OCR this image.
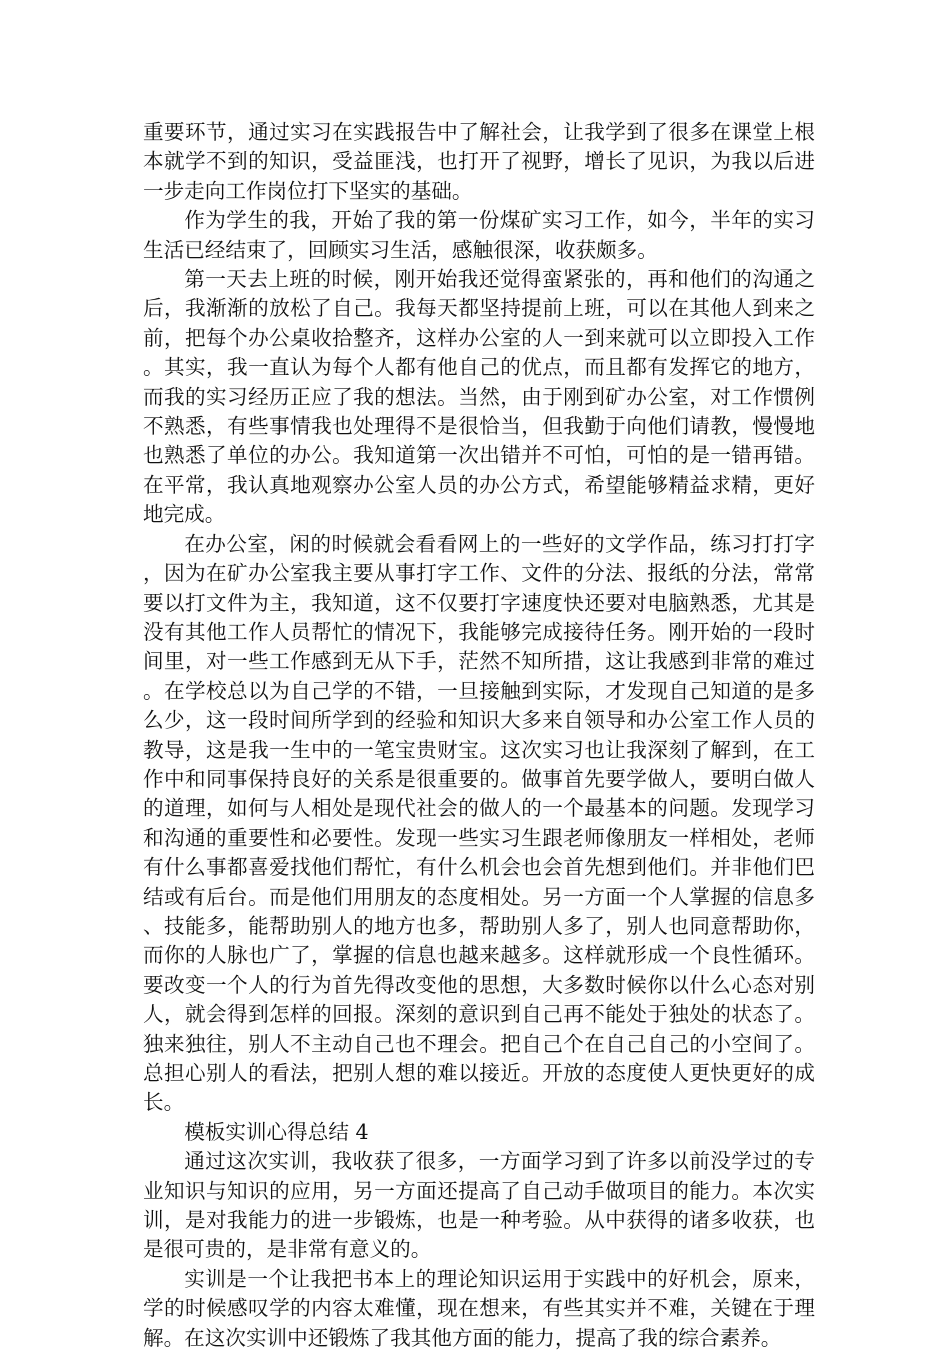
重要环节，通过实习在实践报告中了解社会，让我学到了很多在课堂上根本就学不到的知识，受益匪浅，也打开了视野，增长了见识，为我以后进一步走向工作岗位打下坚实的基础。

作为学生的我，开始了我的第一份煤矿实习工作，如今，半年的实习生活已经结束了，回顾实习生活，感触很深，收获颇多。

第一天去上班的时候，刚开始我还觉得蛮紧张的，再和他们的沟通之后，我渐渐的放松了自己。我每天都坚持提前上班，可以在其他人到来之前，把每个办公桌收拾整齐，这样办公室的人一到来就可以立即投入工作。其实，我一直认为每个人都有他自己的优点，而且都有发挥它的地方，而我的实习经历正应了我的想法。当然，由于刚到矿办公室，对工作惯例不熟悉，有些事情我也处理得不是很恰当，但我勤于向他们请教，慢慢地也熟悉了单位的办公。我知道第一次出错并不可怕，可怕的是一错再错。在平常，我认真地观察办公室人员的办公方式，希望能够精益求精，更好地完成。

在办公室，闲的时候就会看看网上的一些好的文学作品，练习打打字，因为在矿办公室我主要从事打字工作、文件的分法、报纸的分法，常常要以打文件为主，我知道，这不仅要打字速度快还要对电脑熟悉，尤其是没有其他工作人员帮忙的情况下，我能够完成接待任务。刚开始的一段时间里，对一些工作感到无从下手，茫然不知所措，这让我感到非常的难过。在学校总以为自己学的不错，一旦接触到实际，才发现自己知道的是多么少，这一段时间所学到的经验和知识大多来自领导和办公室工作人员的教导，这是我一生中的一笔宝贵财宝。这次实习也让我深刻了解到，在工作中和同事保持良好的关系是很重要的。做事首先要学做人，要明白做人的道理，如何与人相处是现代社会的做人的一个最基本的问题。发现学习和沟通的重要性和必要性。发现一些实习生跟老师像朋友一样相处，老师有什么事都喜爱找他们帮忙，有什么机会也会首先想到他们。并非他们巴结或有后台。而是他们用朋友的态度相处。另一方面一个人掌握的信息多、技能多，能帮助别人的地方也多，帮助别人多了，别人也同意帮助你，而你的人脉也广了，掌握的信息也越来越多。这样就形成一个良性循环。要改变一个人的行为首先得改变他的思想，大多数时候你以什么心态对别人，就会得到怎样的回报。深刻的意识到自己再不能处于独处的状态了。独来独往，别人不主动自己也不理会。把自己个在自己自己的小空间了。总担心别人的看法，把别人想的难以接近。开放的态度使人更快更好的成长。

模板实训心得总结 4

通过这次实训，我收获了很多，一方面学习到了许多以前没学过的专业知识与知识的应用，另一方面还提高了自己动手做项目的能力。本次实训，是对我能力的进一步锻炼，也是一种考验。从中获得的诸多收获，也是很可贵的，是非常有意义的。

实训是一个让我把书本上的理论知识运用于实践中的好机会，原来，学的时候感叹学的内容太难懂，现在想来，有些其实并不难，关键在于理解。在这次实训中还锻炼了我其他方面的能力，提高了我的综合素养。
